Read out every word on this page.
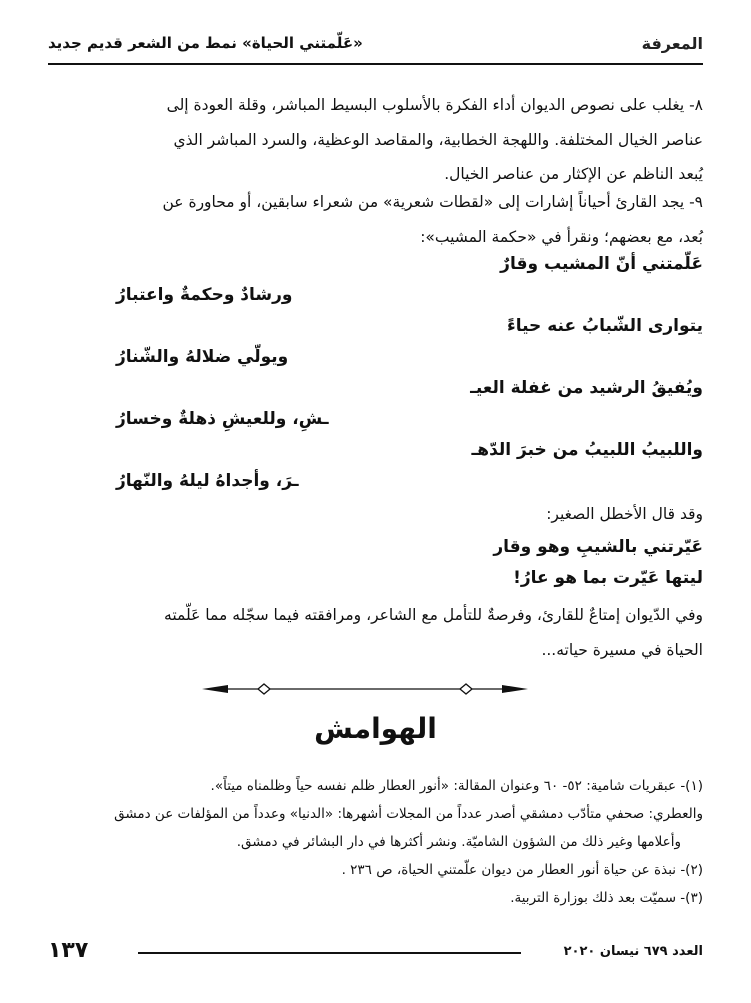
المعرفة
«عَلّمتني الحياة» نمط من الشعر قديم جديد

٨- يغلب على نصوص الديوان أداء الفكرة بالأسلوب البسيط المباشر، وقلة العودة إلى

عناصر الخيال المختلفة. واللهجة الخطابية، والمقاصد الوعظية، والسرد المباشر الذي

يُبعد الناظم عن الإكثار من عناصر الخيال.

٩- يجد القارئ أحياناً إشارات إلى «لقطات شعرية» من شعراء سابقين، أو محاورة عن

بُعد، مع بعضهم؛ ونقرأ في «حكمة المشيب»:

عَلّمتني أنّ المشيب وقارٌ
ورشادٌ وحكمةٌ واعتبارُ
يتوارى الشّبابُ عنه حياءً
ويولّي ضلالهُ والشّنارُ
ويُفيقُ الرشيد من غفلة العيـ
ـشِ، وللعيشِ ذهلةٌ وخسارُ
واللبيبُ اللبيبُ من خبرَ الدّهـ
ـرَ، وأجداهُ ليلهُ والنّهارُ
وقد قال الأخطل الصغير:
عَيّرتني بالشيبِ وهو وقار
ليتها عَيّرت بما هو عارُ!

وفي الدّيوان إمتاعٌ للقارئ، وفرصةٌ للتأمل مع الشاعر، ومرافقته فيما سجّله مما عَلّمته

الحياة في مسيرة حياته...

الهوامش

(١)- عبقريات شامية: ٥٢- ٦٠ وعنوان المقالة: «أنور العطار ظلم نفسه حياً وظلمناه ميتاً».

والعطري: صحفي متأدّب دمشقي أصدر عدداً من المجلات أشهرها: «الدنيا» وعدداً من المؤلفات عن دمشق

وأعلامها وغير ذلك من الشؤون الشاميّة. ونشر أكثرها في دار البشائر في دمشق.

(٢)- نبذة عن حياة أنور العطار من ديوان علّمتني الحياة، ص ٢٣٦ .

(٣)- سميّت بعد ذلك بوزارة التربية.

العدد ٦٧٩ نيسان ٢٠٢٠
١٣٧
